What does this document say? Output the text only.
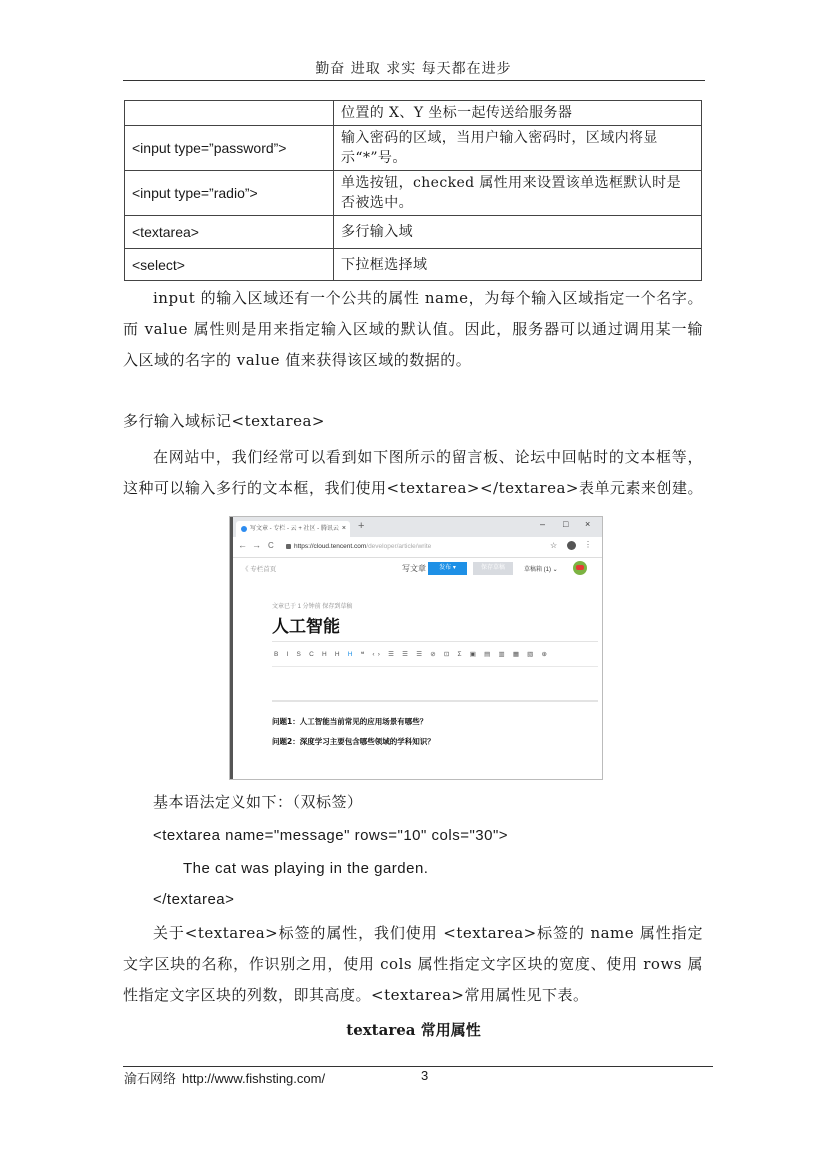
勤奋 进取 求实 每天都在进步
	位置的 X、Y 坐标一起传送给服务器
<input type=”password”>	输入密码的区域，当用户输入密码时，区域内将显示“*”号。
<input type=”radio”>	单选按钮，checked 属性用来设置该单选框默认时是否被选中。
<textarea>	多行输入域
<select>	下拉框选择域
input 的输入区域还有一个公共的属性 name，为每个输入区域指定一个名字。而 value 属性则是用来指定输入区域的默认值。因此，服务器可以通过调用某一输入区域的名字的 value 值来获得该区域的数据的。
多行输入域标记<textarea>
在网站中，我们经常可以看到如下图所示的留言板、论坛中回帖时的文本框等，这种可以输入多行的文本框，我们使用<textarea></textarea>表单元素来创建。
写文章 - 专栏 - 云 + 社区 - 腾讯云 × +	– □ ×
← → C	https://cloud.tencent.com/developer/article/write	☆	⋮
《 专栏首页	写文章	发布 ▾	保存草稿	草稿箱 (1) ⌄
文章已于 1 分钟前 保存到草稿
人工智能
B I S C H H H ❝ ‹› ☰ ☰ ☰ ⊘ ⊡ Σ ▣ ▤ ▥ ▦ ▧ ⊕
问题1：人工智能当前常见的应用场景有哪些？
问题2：深度学习主要包含哪些领域的学科知识？
基本语法定义如下：（双标签）
<textarea name="message" rows="10" cols="30">
The cat was playing in the garden.
</textarea>
关于<textarea>标签的属性，我们使用 <textarea>标签的 name 属性指定文字区块的名称，作识别之用，使用 cols 属性指定文字区块的宽度、使用 rows 属性指定文字区块的列数，即其高度。<textarea>常用属性见下表。
textarea 常用属性
渝石网络 http://www.fishsting.com/	3
